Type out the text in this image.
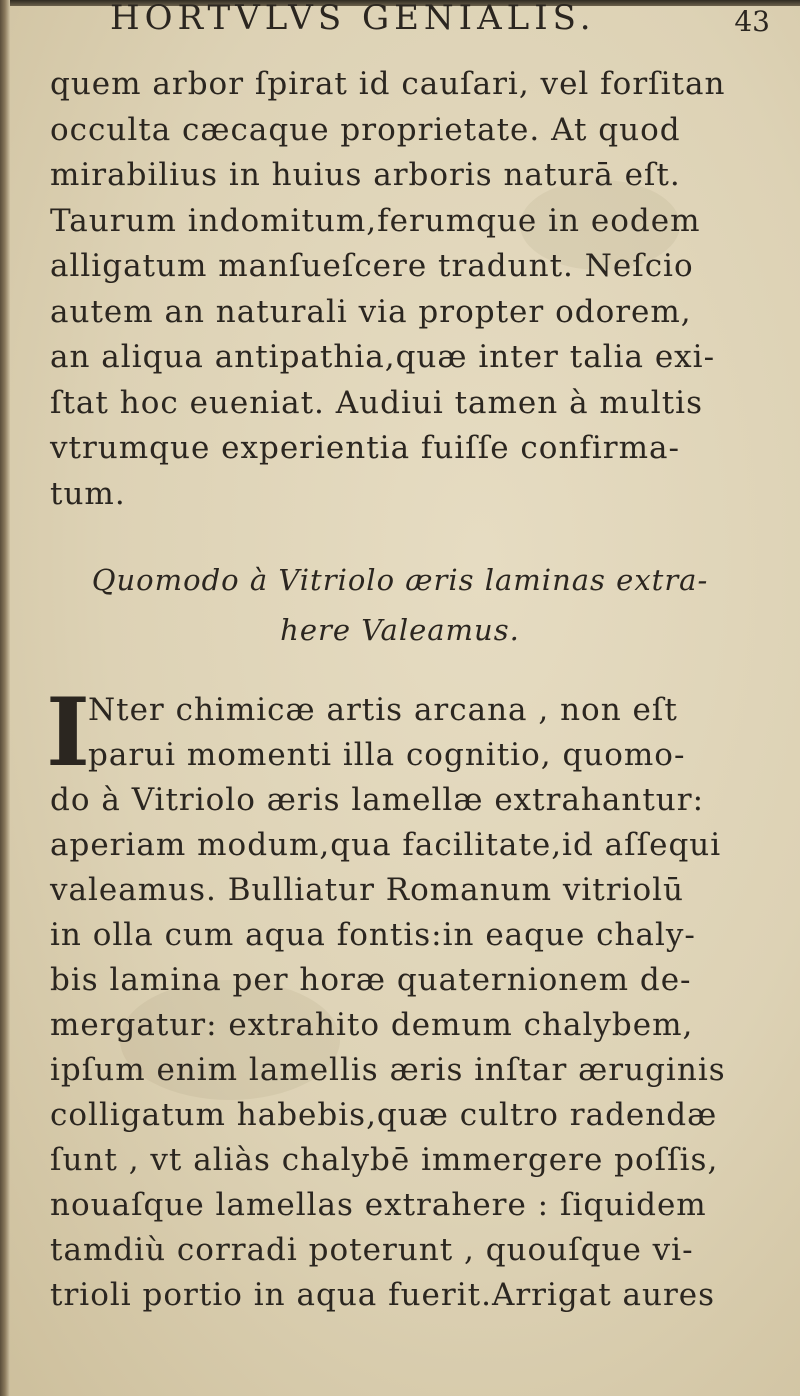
HORTVLVS GENIALIS.	43
quem arbor ſpirat id cauſari, vel forſitan
occulta cæcaque proprietate. At quod
mirabilius in huius arboris naturā eſt.
Taurum indomitum,ferumque in eodem
alligatum manſueſcere tradunt. Neſcio
autem an naturali via propter odorem,
an aliqua antipathia,quæ inter talia exi-
ſtat hoc eueniat. Audiui tamen à multis
vtrumque experientia fuiſſe confirma-
tum.
Quomodo à Vitriolo æris laminas extra-
here Valeamus.
I
Nter chimicæ artis arcana , non eſt
parui momenti illa cognitio, quomo-
do à Vitriolo æris lamellæ extrahantur:
aperiam modum,qua facilitate,id aſſequi
valeamus. Bulliatur Romanum vitriolū
in olla cum aqua fontis:in eaque chaly-
bis lamina per horæ quaternionem de-
mergatur: extrahito demum chalybem,
ipſum enim lamellis æris inſtar æruginis
colligatum habebis,quæ cultro radendæ
ſunt , vt aliàs chalybē immergere poſſis,
nouaſque lamellas extrahere : ſiquidem
tamdiù corradi poterunt , quouſque vi-
trioli portio in aqua fuerit.Arrigat aures
